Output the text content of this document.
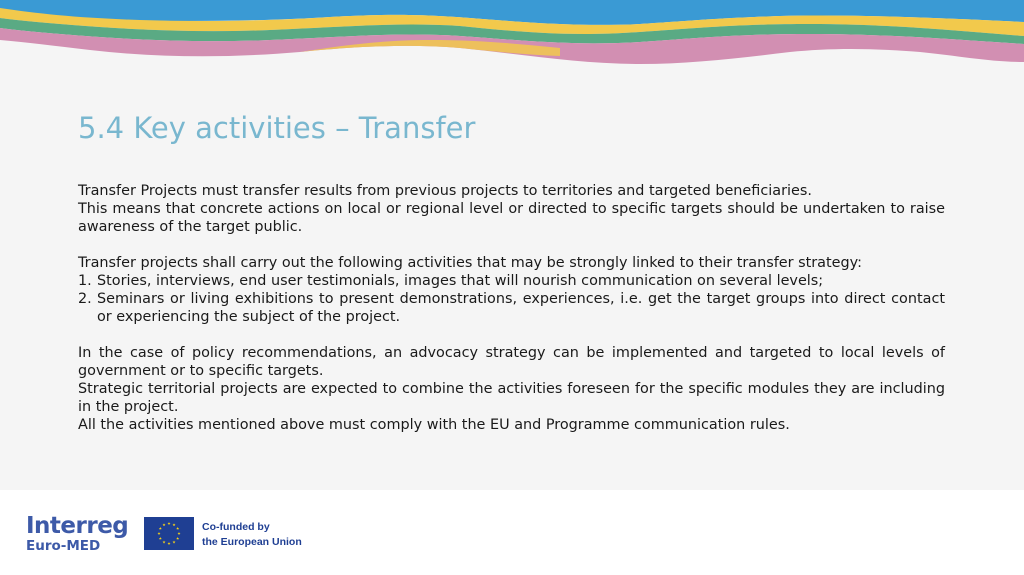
5.4 Key activities – Transfer

Transfer Projects must transfer results from previous projects to territories and targeted beneficiaries.

This means that concrete actions on local or regional level or directed to specific targets should be undertaken to raise awareness of the target public.

Transfer projects shall carry out the following activities that may be strongly linked to their transfer strategy:

1. Stories, interviews, end user testimonials, images that will nourish communication on several levels;
2. Seminars or living exhibitions to present demonstrations, experiences, i.e. get the target groups into direct contact or experiencing the subject of the project.

In the case of policy recommendations, an advocacy strategy can be implemented and targeted to local levels of government or to specific targets.

Strategic territorial projects are expected to combine the activities foreseen for the specific modules they are including in the project.

All the activities mentioned above must comply with the EU and Programme communication rules.

Interreg
Euro-MED
Co-funded by
the European Union
